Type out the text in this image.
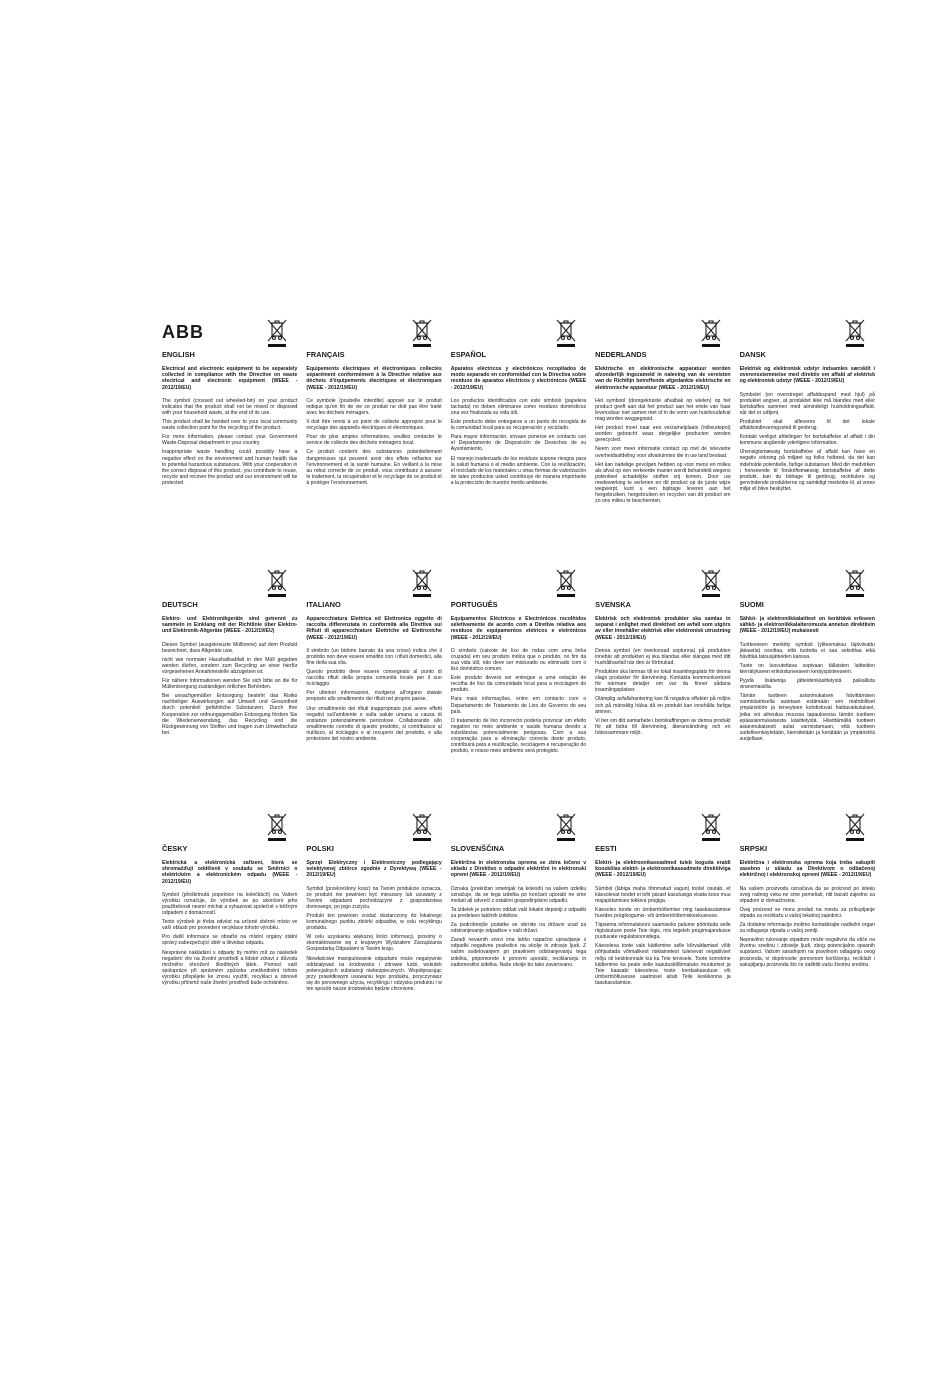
ABB
ENGLISH
Electrical and electronic equipment to be separately collected in compliance with the Directive on waste electrical and electronic equipment (WEEE - 2012/19/EU)

The symbol (crossed out wheeled-bin) on your product indicates that the product shall not be mixed or disposed with your household waste, at the end of its use.

This product shall be handed over to your local community waste collection point for the recycling of the product.

For more information, please contact your Government Waste-Disposal department in your country.

Inappropriate waste handling could possibly have a negative effect on the environment and human health due to potential hazardous substances. With your cooperation in the correct disposal of this product, you contribute to reuse, recycle and recover the product and our environment will be protected.

FRANÇAIS
Equipements électriques et électroniques collectés séparément conformément à la Directive relative aux déchets d'équipements électriques et électroniques (WEEE - 2012/19/EU)

Ce symbole (poubelle interdite) apposé sur le produit indique qu'en fin de vie ce produit ne doit pas être traité avec les déchets ménagers.

Il doit être remis à un point de collecte approprié pour le recyclage des appareils électriques et électroniques.

Pour de plus amples informations, veuillez contacter le service de collecte des déchets ménagers local.

Ce produit contient des substances potentiellement dangereuses qui peuvent avoir des effets néfastes sur l'environnement et la santé humaine. En veillant à la mise au rebut correcte de ce produit, vous contribuez à assurer le traitement, la récupération et le recyclage de ce produit et à protéger l'environnement.

ESPAÑOL
Aparatos eléctricos y electrónicos recopilados de modo separado en conformidad con la Directiva sobre residuos de aparatos eléctricos y electrónicos (WEEE - 2012/19/EU)

Los productos identificados con este símbolo (papelera tachada) no deben eliminarse como residuos domésticos una vez finalizada su vida útil.

Este producto debe entregarse a un punto de recogida de la comunidad local para su recuperación y reciclado.

Para mayor información, sírvase ponerse en contacto con el Departamento de Disposición de Desechos de su Ayuntamiento.

El manejo inadecuado de los residuos supone riesgos para la salud humana o el medio ambiente. Con la reutilización, el reciclado de los materiales u otras formas de valorización de tales productos usted contribuye de manera importante a la protección de nuestro medio ambiente.

NEDERLANDS
Elektrische en elektronische apparatuur worden afzonderlijk ingezameld in naleving van de vereisten van de Richtlijn betreffende afgedankte elektrische en elektronische apparatuur (WEEE - 2012/19/EU)

Het symbool (doorgekruiste afvalbak op wielen) op het product geeft aan dat het product aan het einde van haar levensduur niet samen met of in de vorm van huishoudafval mag worden weggegooid.

Het product moet naar een verzamelplaats (milieudepot) worden gebracht waar dergelijke producten worden gerecycled.

Neem voor meer informatie contact op met de relevante overheidsafdeling voor afvalruimtes die in uw land bestaat.

Het kan nadelige gevolgen hebben op voor mens en milieu als afval op een verkeerde manier wordt behandeld wegens potentieel schadelijke stoffen vrij komen. Door uw medewerking te verlenen en dit product op de juiste wijze wegwerpt, kunt u een bijdrage leveren aan het hergebruiken, hergebruiken en recyclen van dit product om zo ons milieu te beschermen.

DANSK
Elektrisk og elektronisk udstyr indsamles særskilt i overensstemmelse med direktiv om affald af elektrisk og elektronisk udstyr (WEEE - 2012/19/EU)

Symbolet (en overstreget affaldsspand med hjul) på produktet angiver, at produktet ikke må blandes med eller bortskaffes sammen med almindeligt husholdningsaffald, når det er udtjent.

Produktet skal afleveres til det lokale affaldsindleveringssted til genbrug.

Kontakt venligst afdelingen for bortskaffelse af affald i din kommune angående yderligere information.

Uhensigtsmæssig bortskaffelse af affald kan have en negativ virkning på miljøet og folks helbred, da det kan indeholde potentielle, farlige substanser. Med din medvirken i henseende til forskriftsmæssig bortskaffelse af dette produkt, kan du bidrage til genbrug, recirkulere og genvindende produkterne og samtidigt medvirke til, at vores miljø vil blive beskyttet.

DEUTSCH
Elektro- und Elektronikgeräte sind getrennt zu sammeln in Einklang mit der Richtlinie über Elektro- und Elektronik-Altgeräte (WEEE - 2012/19/EU)

Dieses Symbol (ausgekreuzte Mülltonne) auf dem Produkt bezeichnet, dass Altgeräte usw.

nicht wie normaler Haushaltsabfall in den Müll gegeben werden dürfen, sondern zum Recycling an einer hierfür vorgesehenen Annahmestelle abzugeben ist.

Für nähere Informationen wenden Sie sich bitte an die für Müllentsorgung zuständigen örtlichen Behörden.

Bei unsachgemäßer Entsorgung besteht das Risiko nachteiliger Auswirkungen auf Umwelt und Gesundheit durch potentiell gefährliche Substanzen. Durch Ihre Kooperation zur ordnungsgemäßen Entsorgung fördern Sie die Wiederverwendung, das Recycling und die Rückgewinnung von Stoffen und tragen zum Umweltschutz bei.

ITALIANO
Apparecchiatura Elettrica ed Elettronica oggetto di raccolta differenziata in conformità alla Direttiva sui Rifiuti di apparecchiature Elettriche ed Elettroniche (WEEE - 2012/19/EU)

Il simbolo (un bidone barrato da una croce) indica che il prodotto non deve essere smaltito con i rifiuti domestici, alla fine della sua vita.

Questo prodotto deve essere consegnato al punto di raccolta rifiuti della propria comunità locale per il suo riciclaggio.

Per ulteriori informazioni, rivolgersi all'organo statale preposto allo smaltimento dei rifiuti nel proprio paese.

Uno smaltimento dei rifiuti inappropriato può avere effetti negativi sull'ambiente e sulla salute umana a causa di sostanze potenzialmente pericolose. Collaborando allo smaltimento corretto di questo prodotto, si contribuisce al riutilizzo, al riciclaggio e al recupero del prodotto, e alla protezione del nostro ambiente.

PORTUGUÊS
Equipamentos Eléctricos e Electrónicos recolhidos seletivamente de acordo com a Diretiva relativa aos resíduos de equipamentos elétricos e eletrónicos (WEEE - 2012/19/EU)

O símbolo (caixote de lixo de rodas com uma linha cruzada) em seu produto indica que o produto, no fim da sua vida útil, não deve ser misturado ou eliminado com o lixo doméstico comum.

Este produto deverá ser entregue a uma estação de recolha de lixo da comunidade local para a reciclagem do produto.

Para mais informações, entre em contacto com o Departamento de Tratamento de Lixo do Governo do seu país.

O tratamento de lixo incorrecto poderia provocar um efeito negativo no meio ambiente e saúde humana devido a substâncias potencialmente perigosas. Com a sua cooperação para a eliminação correcta deste produto, contribuirá para a reutilização, reciclagem e recuperação do produto, e nosso meio ambiente será protegido.

SVENSKA
Elektrisk och elektronisk produkter ska samlas in separat i enlighet med direktivet om avfall som utgörs av eller innehåller elektrisk eller elektronisk utrustning (WEEE - 2012/19/EU)

Denna symbol (en överkorsad soptunna) på produkten innebär att produkten ej ska blandas eller slängas med ditt hushållsavfall när den är förbrukad.

Produkten ska lämnas till en lokal insamlingsplats för denna slags produkter för återvinning. Kontakta kommunkontoret för närmare detaljer om var du finner sådana insamlingsplatser.

Olämplig avfallshantering kan få negativa effekter på miljön och på mänsklig hälsa då en produkt kan innehålla farliga ämnen.

Vi ber om ditt samarbete i bortskaffningen av denna produkt för att bidra till återvinning, återanvändning och en hälsosammare miljö.

SUOMI
Sähkö- ja elektroniikkalaitteet on kerättävä erikseen sähkö- ja elektroniikkalaiteromusta annetun direktiivin (WEEE - 2012/19/EU) mukaisesti

Tuotteeseen merkitty symboli (yliteemaksu läpiviivattu jäteastia) osoittaa, että tuotetta ei saa sekoittaa eikä hävittää talousjätteiden kanssa.

Tuote on luovutettava sopivaan tällaisten laitteiden kierrätykseen erikoistuneeseen keräyspisteeseen.

Pyydä lisätietoja jätteidenkäsittelystä paikallista viranomaisilta.

Tämän tuotteen asianmukaisen hävittämisen varmistamisella autetaan estämään sen mahdolliset ympäristöön ja terveyteen kohdistuvat haittavaikutukset, jotka voi aiheutua muussa tapauksessa tämän tuotteen epäasianmukaisesta käsittelystä. Hävittämällä tuotteen asianmukaisesti autat varmistamaan, että tuotteen uudelleenkäytetään, kierrätetään ja kerätään ja ympäristöä suojellaan.

ČESKY
Elektrická a elektronická zařízení, která se shromažďují odděleně v souladu se Směrnicí o elektrickém a elektronickém odpadu (WEEE - 2012/19/EU)

Symbol (přeškrtnutá popelnice na kolečkách) na Vašem výrobku označuje, že výrobek se po ukončení jeho použitelnosti nesmí míchat a vyhazovat společně s běžným odpadem z domácností.

Tento výrobek je třeba odvézt na určené sběrné místo ve vaší oblasti pro provedení recyklace tohoto výrobku.

Pro další informace se obraťte na místní orgány státní správy zabezpečující sběr a likvidaci odpadu.

Nesprávné nakládání s odpady by mohlo mít za následek negativní vliv na životní prostředí a lidské zdraví z důvodu možného ohrožení škodlivých látek. Pomocí vaší spolupráce při správném způsobu zneškodnění tohoto výrobku přispějete ke znovu využití, recyklaci a obnově výrobku přičemž naše životní prostředí bude ochráněno.

POLSKI
Sprzęt Elektryczny i Elektroniczny podlegający selektywnej zbiórce zgodnie z Dyrektywą (WEEE - 2012/19/EU)

Symbol (przekreślony kosz) na Twoim produkcie oznacza, że produkt nie powinien być mieszany lub usuwany z Twoimi odpadami pochodzącymi z gospodarstwa domowego, po jego zużyciu.

Produkt ten powinien zostać dostarczony do lokalnego komunalnego punktu zbiórki odpadów, w celu recyklingu produktu.

W celu uzyskania większej ilości informacji, prosimy o skontaktowanie się z krajowym Wydziałem Zarządzania Gospodarką Odpadami w Twoim kraju.

Niewłaściwe manipulowanie odpadami może negatywnie oddziaływać na środowisko i zdrowie ludzi, wskutek potencjalnych substancji niebezpiecznych. Współpracując przy prawidłowym usuwaniu tego produktu, przyczyniasz się do ponownego użycia, recyklingu i odzysku produktu i w ten sposób nasze środowisko będzie chronione.

SLOVENŠČINA
Električna in elektronska oprema se zbira ločeno v skladu z Direktivo o odpadni električni in elektronski opremi (WEEE - 2012/19/EU)

Oznaka (prekrižan smetnjak na kolesih) na vašem izdelku označuje, da se tega izdelka po končani uporabi ne sme mešati ali odvreči z ostalimi gospodinjskimi odpadki.

Ta izdelek je potrebno oddati vaši lokalni deponiji z odpadki za predelavo takšnih izdelkov.

Za podrobnejše podatke se obrnite na državni urad za odstranjevanje odpadkov v vaši državi.

Zaradi nevarnih snovi ima lahko napačno upravljanje z odpadki negativne posledice na okolje in zdravje ljudi. Z vašim sodelovanjem pri pravilnem odstranjevanju tega izdelka, pripomorete k ponovni uporabi, reciklaranju in nadomestitvi izdelka. Naše okolje bo tako zavarovano.

EESTI
Elektri- ja elektroonikaseadmed tuleb koguda eraldi kooskõlas elektri- ja elektroonikaseadmete direktiiviga (WEEE - 2012/19/EU)

Sümbol (läbiga maha tõmmatud vagun) tootel osutab, et käesolevat toodet ei tohi pärast kasutusiga visata koos muu majapidamises tekkiva prügiga.

Käesolev toode on ümbertöötlemise ning taaskasutamise huvides prügikogumis- või ümbertöötlemiskeskusesse.

Täpsema informatsiooni saamiseks palume pöörduda selle riigisisutuse poole Teie riigis, mis tegeleb prügimajandusse puutuvate regulatsioonidega.

Käesoleva toote vale käitlemine selle kõrvaldamisel võib põhjustada võimalikest riskiainetest tulenevat negatiivset mõju nii keskkonnale kui ka Teie tervisele. Toote korrektne käitlemine ka peale selle kasutuskõlbmatuks muutumist ja Teie kaasabi käesoleva toote kordaskasutuse või ümbertöötlusesse saatmisel aitab Teile keskkonna ja taaskasutamise.

SRPSKI
Električna i elektronska oprema koja treba sakupiti zasebno u skladu sa Direktivom o odbačenoj električnoj i elektronskoj opremi (WEEE - 2012/19/EU)

Na vašem proizvodu označava da se proizvod po isteku svog radnog veka ne sme pomešati, niti bacati zajedno sa otpadom iz domaćinstva.

Ovaj proizvod se mora predati na mestu za prikupljanje otpada za reciklažu u vašoj lokalnoj zajednici.

Za dodatne informacije molimo kontaktirajte nadležni organ za odlaganje otpada u vašoj zemlji.

Nepravilno rukovanje otpadom može negativno da utiče na životnu sredinu i zdravlje ljudi, zbog potencijalno opasnih supstanci. Vašom saradnjom na pravilnom odlaganju ovog proizvoda, vi doprinosite ponovnom korišćenju, reciklaži i sakupljanju proizvoda što će zaštititi vašu životnu sredinu.
